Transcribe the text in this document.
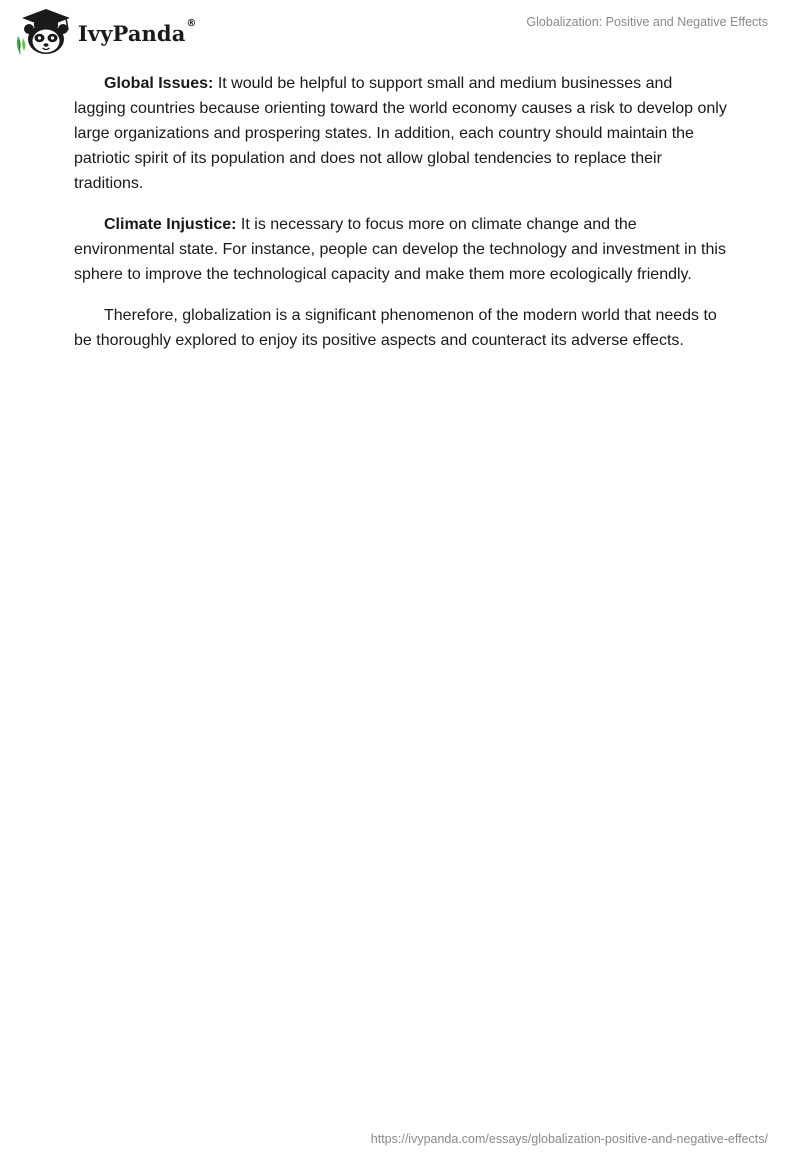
IvyPanda ®	Globalization: Positive and Negative Effects

Global Issues: It would be helpful to support small and medium businesses and lagging countries because orienting toward the world economy causes a risk to develop only large organizations and prospering states. In addition, each country should maintain the patriotic spirit of its population and does not allow global tendencies to replace their traditions.

Climate Injustice: It is necessary to focus more on climate change and the environmental state. For instance, people can develop the technology and investment in this sphere to improve the technological capacity and make them more ecologically friendly.

Therefore, globalization is a significant phenomenon of the modern world that needs to be thoroughly explored to enjoy its positive aspects and counteract its adverse effects.

https://ivypanda.com/essays/globalization-positive-and-negative-effects/
